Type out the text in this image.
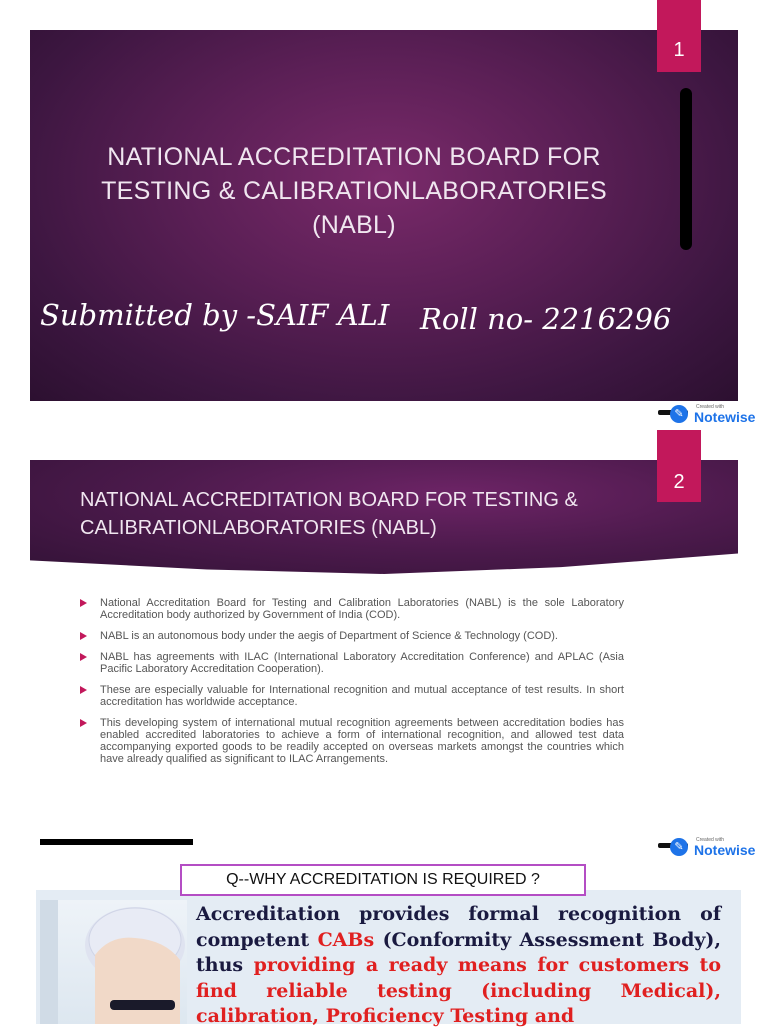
NATIONAL ACCREDITATION BOARD FOR TESTING & CALIBRATIONLABORATORIES (NABL)
Submitted by -SAIF ALI Roll no- 2216296
1
✎
Created with
Notewise
NATIONAL ACCREDITATION BOARD FOR TESTING & CALIBRATIONLABORATORIES (NABL)
2
National Accreditation Board for Testing and Calibration Laboratories (NABL) is the sole Laboratory Accreditation body authorized by Government of India (COD).
NABL is an autonomous body under the aegis of Department of Science & Technology (COD).
NABL has agreements with ILAC (International Laboratory Accreditation Conference) and APLAC (Asia Pacific Laboratory Accreditation Cooperation).
These are especially valuable for International recognition and mutual acceptance of test results. In short accreditation has worldwide acceptance.
This developing system of international mutual recognition agreements between accreditation bodies has enabled accredited laboratories to achieve a form of international recognition, and allowed test data accompanying exported goods to be readily accepted on overseas markets amongst the countries which have already qualified as significant to ILAC Arrangements.
✎
Created with
Notewise
Q--WHY ACCREDITATION IS REQUIRED ?
Accreditation provides formal recognition of competent CABs (Conformity Assessment Body), thus providing a ready means for customers to find reliable testing (including Medical), calibration, Proficiency Testing and
